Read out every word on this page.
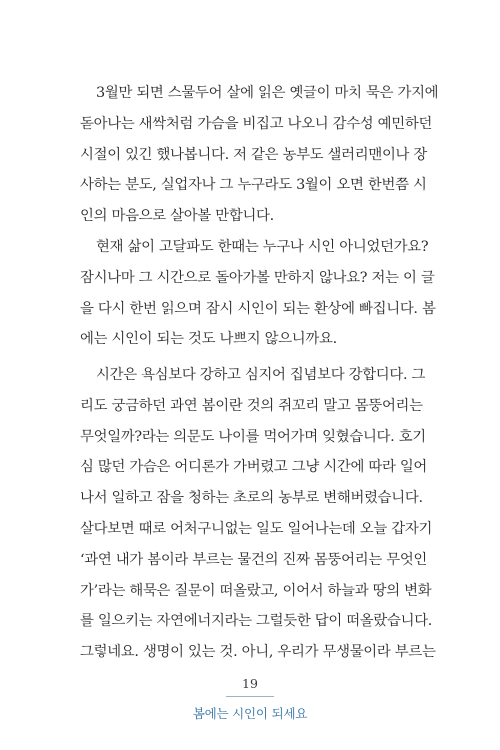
3월만 되면 스물두어 살에 읽은 옛글이 마치 묵은 가지에
돋아나는 새싹처럼 가슴을 비집고 나오니 감수성 예민하던
시절이 있긴 했나봅니다. 저 같은 농부도 샐러리맨이나 장
사하는 분도, 실업자나 그 누구라도 3월이 오면 한번쯤 시
인의 마음으로 살아볼 만합니다.
현재 삶이 고달파도 한때는 누구나 시인 아니었던가요?
잠시나마 그 시간으로 돌아가볼 만하지 않나요? 저는 이 글
을 다시 한번 읽으며 잠시 시인이 되는 환상에 빠집니다. 봄
에는 시인이 되는 것도 나쁘지 않으니까요.
시간은 욕심보다 강하고 심지어 집념보다 강합디다. 그
리도 궁금하던 과연 봄이란 것의 쥐꼬리 말고 몸뚱어리는
무엇일까?라는 의문도 나이를 먹어가며 잊혔습니다. 호기
심 많던 가슴은 어디론가 가버렸고 그냥 시간에 따라 일어
나서 일하고 잠을 청하는 초로의 농부로 변해버렸습니다.
살다보면 때로 어처구니없는 일도 일어나는데 오늘 갑자기
‘과연 내가 봄이라 부르는 물건의 진짜 몸뚱어리는 무엇인
가’라는 해묵은 질문이 떠올랐고, 이어서 하늘과 땅의 변화
를 일으키는 자연에너지라는 그럴듯한 답이 떠올랐습니다.
그렇네요. 생명이 있는 것. 아니, 우리가 무생물이라 부르는
19
봄에는 시인이 되세요
